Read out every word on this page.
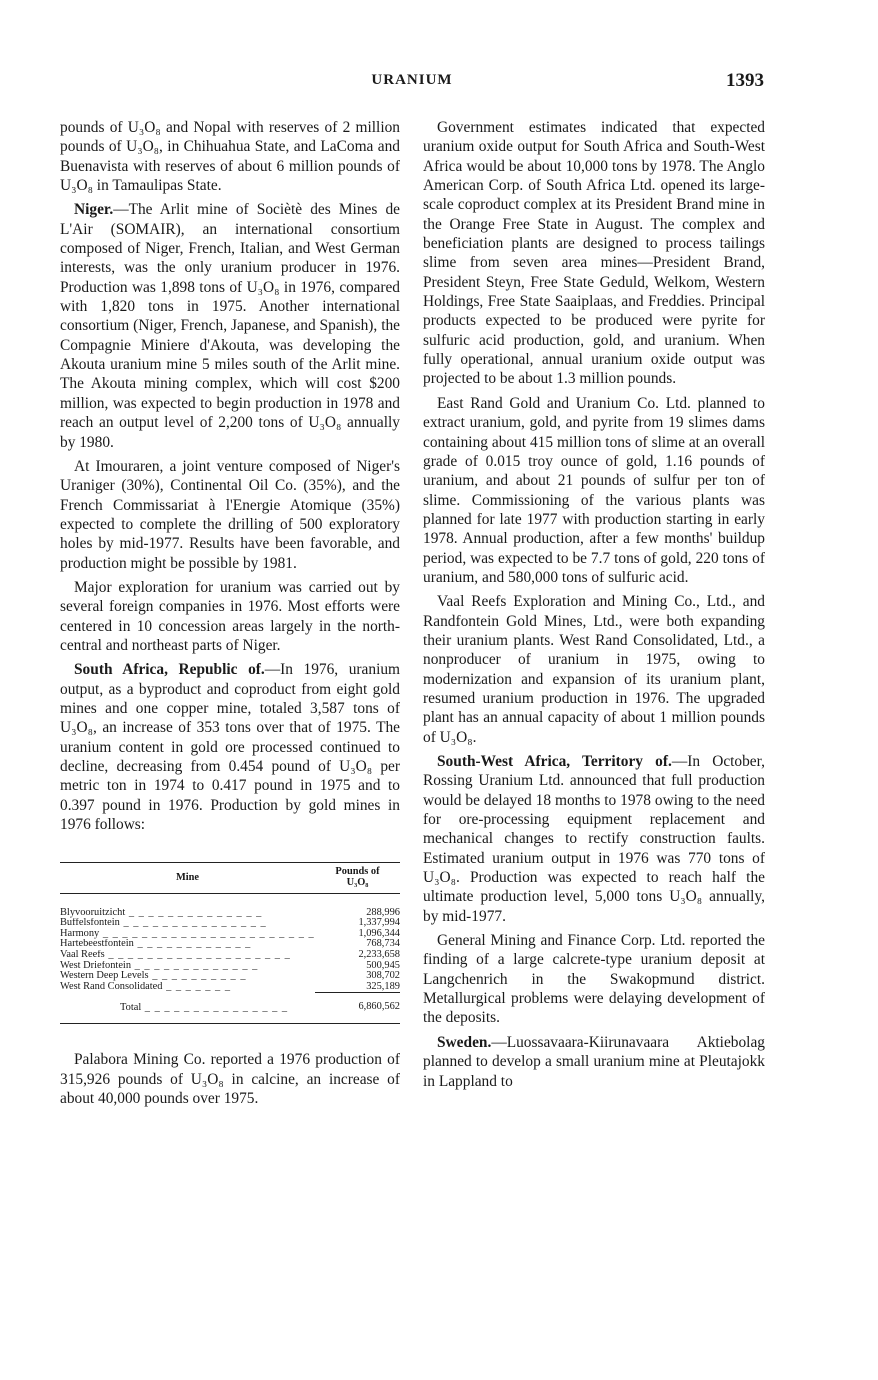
URANIUM	1393

pounds of U₃O₈ and Nopal with reserves of 2 million pounds of U₃O₈, in Chihuahua State, and LaComa and Buenavista with reserves of about 6 million pounds of U₃O₈ in Tamaulipas State.

Niger.—The Arlit mine of Sociètè des Mines de L'Air (SOMAIR), an international consortium composed of Niger, French, Italian, and West German interests, was the only uranium producer in 1976. Production was 1,898 tons of U₃O₈ in 1976, compared with 1,820 tons in 1975. Another international consortium (Niger, French, Japanese, and Spanish), the Compagnie Miniere d'Akouta, was developing the Akouta uranium mine 5 miles south of the Arlit mine. The Akouta mining complex, which will cost $200 million, was expected to begin production in 1978 and reach an output level of 2,200 tons of U₃O₈ annually by 1980.

At Imouraren, a joint venture composed of Niger's Uraniger (30%), Continental Oil Co. (35%), and the French Commissariat à l'Energie Atomique (35%) expected to complete the drilling of 500 exploratory holes by mid-1977. Results have been favorable, and production might be possible by 1981.

Major exploration for uranium was carried out by several foreign companies in 1976. Most efforts were centered in 10 concession areas largely in the north-central and northeast parts of Niger.

South Africa, Republic of.—In 1976, uranium output, as a byproduct and coproduct from eight gold mines and one copper mine, totaled 3,587 tons of U₃O₈, an increase of 353 tons over that of 1975. The uranium content in gold ore processed continued to decline, decreasing from 0.454 pound of U₃O₈ per metric ton in 1974 to 0.417 pound in 1975 and to 0.397 pound in 1976. Production by gold mines in 1976 follows:

Mine	Pounds of
U₃O₈
Blyvooruitzicht _ _ _ _ _ _ _ _ _ _ _ _ _ _	288,996
Buffelsfontein _ _ _ _ _ _ _ _ _ _ _ _ _ _ _	1,337,994
Harmony _ _ _ _ _ _ _ _ _ _ _ _ _ _ _ _ _ _ _ _ _ _	1,096,344
Hartebeestfontein _ _ _ _ _ _ _ _ _ _ _ _	768,734
Vaal Reefs _ _ _ _ _ _ _ _ _ _ _ _ _ _ _ _ _ _ _	2,233,658
West Driefontein _ _ _ _ _ _ _ _ _ _ _ _ _	500,945
Western Deep Levels _ _ _ _ _ _ _ _ _ _	308,702
West Rand Consolidated _ _ _ _ _ _ _	325,189
Total _ _ _ _ _ _ _ _ _ _ _ _ _ _ _	6,860,562

Palabora Mining Co. reported a 1976 production of 315,926 pounds of U₃O₈ in calcine, an increase of about 40,000 pounds over 1975.

Government estimates indicated that expected uranium oxide output for South Africa and South-West Africa would be about 10,000 tons by 1978. The Anglo American Corp. of South Africa Ltd. opened its large-scale coproduct complex at its President Brand mine in the Orange Free State in August. The complex and beneficiation plants are designed to process tailings slime from seven area mines—President Brand, President Steyn, Free State Geduld, Welkom, Western Holdings, Free State Saaiplaas, and Freddies. Principal products expected to be produced were pyrite for sulfuric acid production, gold, and uranium. When fully operational, annual uranium oxide output was projected to be about 1.3 million pounds.

East Rand Gold and Uranium Co. Ltd. planned to extract uranium, gold, and pyrite from 19 slimes dams containing about 415 million tons of slime at an overall grade of 0.015 troy ounce of gold, 1.16 pounds of uranium, and about 21 pounds of sulfur per ton of slime. Commissioning of the various plants was planned for late 1977 with production starting in early 1978. Annual production, after a few months' buildup period, was expected to be 7.7 tons of gold, 220 tons of uranium, and 580,000 tons of sulfuric acid.

Vaal Reefs Exploration and Mining Co., Ltd., and Randfontein Gold Mines, Ltd., were both expanding their uranium plants. West Rand Consolidated, Ltd., a nonproducer of uranium in 1975, owing to modernization and expansion of its uranium plant, resumed uranium production in 1976. The upgraded plant has an annual capacity of about 1 million pounds of U₃O₈.

South-West Africa, Territory of.—In October, Rossing Uranium Ltd. announced that full production would be delayed 18 months to 1978 owing to the need for ore-processing equipment replacement and mechanical changes to rectify construction faults. Estimated uranium output in 1976 was 770 tons of U₃O₈. Production was expected to reach half the ultimate production level, 5,000 tons U₃O₈ annually, by mid-1977.

General Mining and Finance Corp. Ltd. reported the finding of a large calcrete-type uranium deposit at Langchenrich in the Swakopmund district. Metallurgical problems were delaying development of the deposits.

Sweden.—Luossavaara-Kiirunavaara Aktiebolag planned to develop a small uranium mine at Pleutajokk in Lappland to
